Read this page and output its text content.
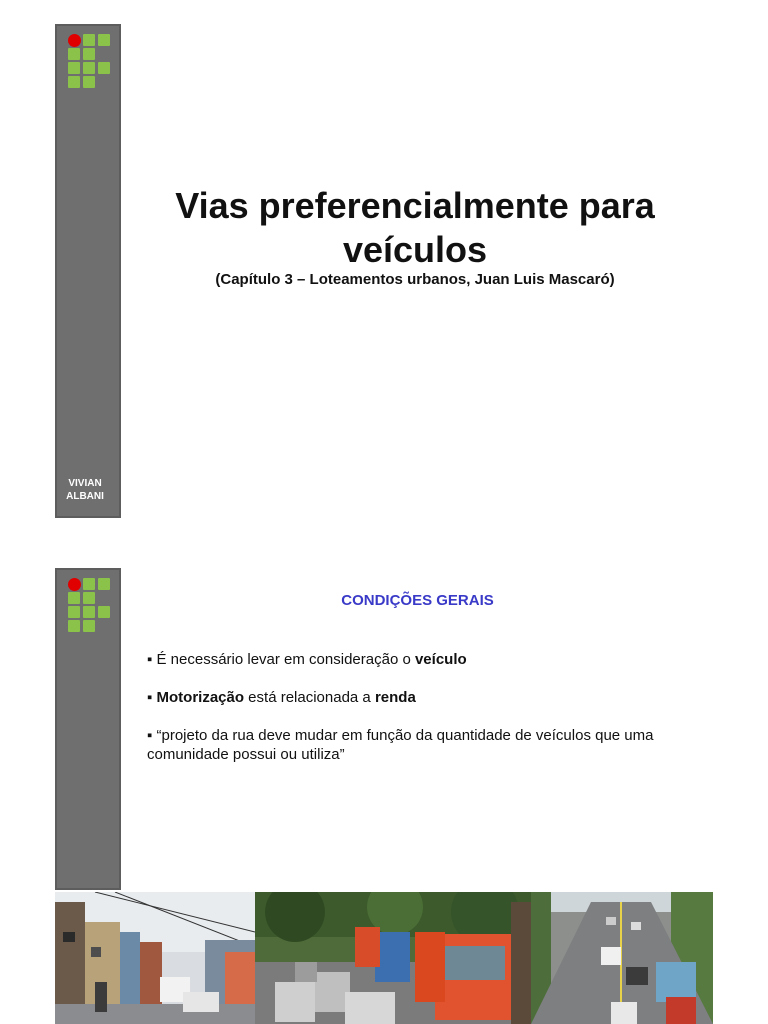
VIVIAN
ALBANI
Vias preferencialmente para
veículos
(Capítulo 3 – Loteamentos urbanos, Juan Luis Mascaró)
CONDIÇÕES GERAIS
▪ É necessário levar em consideração o veículo
▪ Motorização está relacionada a renda
▪ “projeto da rua deve mudar em função da quantidade de veículos que uma comunidade possui ou utiliza”
